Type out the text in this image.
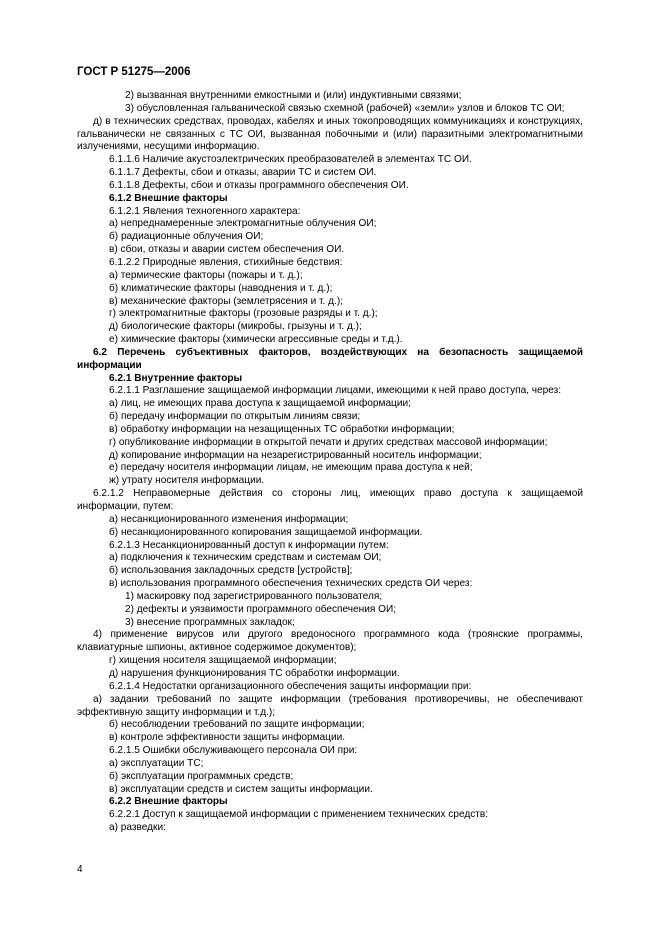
ГОСТ Р 51275—2006

2) вызванная внутренними емкостными и (или) индуктивными связями;

3) обусловленная гальванической связью схемной (рабочей) «земли» узлов и блоков ТС ОИ;

д) в технических средствах, проводах, кабелях и иных токопроводящих коммуникациях и конструкциях, гальванически не связанных с ТС ОИ, вызванная побочными и (или) паразитными электромагнитными излучениями, несущими информацию.

6.1.1.6 Наличие акустоэлектрических преобразователей в элементах ТС ОИ.

6.1.1.7 Дефекты, сбои и отказы, аварии ТС и систем ОИ.

6.1.1.8 Дефекты, сбои и отказы программного обеспечения ОИ.

6.1.2 Внешние факторы

6.1.2.1 Явления техногенного характера:

а) непреднамеренные электромагнитные облучения ОИ;

б) радиационные облучения ОИ;

в) сбои, отказы и аварии систем обеспечения ОИ.

6.1.2.2 Природные явления, стихийные бедствия:

а) термические факторы (пожары и т. д.);

б) климатические факторы (наводнения и т. д.);

в) механические факторы (землетрясения и т. д.);

г) электромагнитные факторы (грозовые разряды и т. д.);

д) биологические факторы (микробы, грызуны и т. д.);

е) химические факторы (химически агрессивные среды и т.д.).

6.2 Перечень субъективных факторов, воздействующих на безопасность защищаемой информации

6.2.1 Внутренние факторы

6.2.1.1 Разглашение защищаемой информации лицами, имеющими к ней право доступа, через:

а) лиц, не имеющих права доступа к защищаемой информации;

б) передачу информации по открытым линиям связи;

в) обработку информации на незащищенных ТС обработки информации;

г) опубликование информации в открытой печати и других средствах массовой информации;

д) копирование информации на незарегистрированный носитель информации;

е) передачу носителя информации лицам, не имеющим права доступа к ней;

ж) утрату носителя информации.

6.2.1.2 Неправомерные действия со стороны лиц, имеющих право доступа к защищаемой информации, путем:

а) несанкционированного изменения информации;

б) несанкционированного копирования защищаемой информации.

6.2.1.3 Несанкционированный доступ к информации путем:

а) подключения к техническим средствам и системам ОИ;

б) использования закладочных средств [устройств];

в) использования программного обеспечения технических средств ОИ через:

1) маскировку под зарегистрированного пользователя;

2) дефекты и уязвимости программного обеспечения ОИ;

3) внесение программных закладок;

4) применение вирусов или другого вредоносного программного кода (троянские программы, клавиатурные шпионы, активное содержимое документов);

г) хищения носителя защищаемой информации;

д) нарушения функционирования ТС обработки информации.

6.2.1.4 Недостатки организационного обеспечения защиты информации при:

а) задании требований по защите информации (требования противоречивы, не обеспечивают эффективную защиту информации и т.д.);

б) несоблюдении требований по защите информации;

в) контроле эффективности защиты информации.

6.2.1.5 Ошибки обслуживающего персонала ОИ при:

а) эксплуатации ТС;

б) эксплуатации программных средств;

в) эксплуатации средств и систем защиты информации.

6.2.2 Внешние факторы

6.2.2.1 Доступ к защищаемой информации с применением технических средств:

а) разведки:

4
